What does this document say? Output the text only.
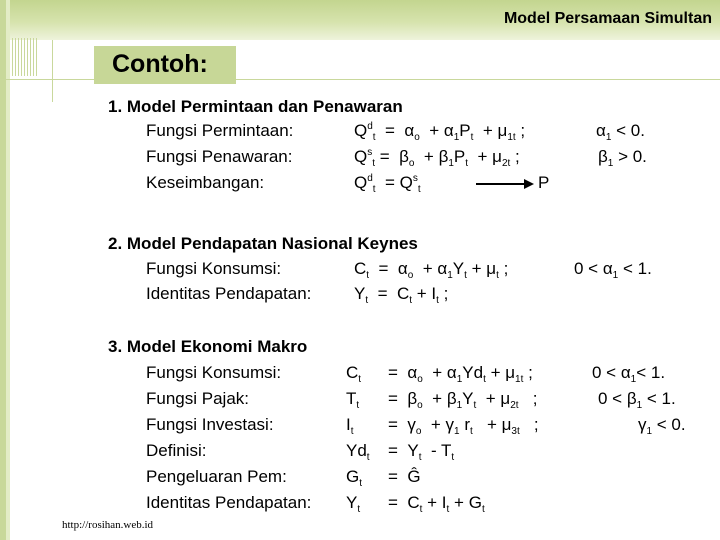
Model Persamaan Simultan
Contoh:
1. Model Permintaan dan Penawaran
Fungsi Permintaan:
Fungsi Penawaran:
Keseimbangan:
$Q^d_t = \alpha_o + \alpha_1P_t + \mu_{1t}$ ;
$Q^s_t = \beta_o + \beta_1P_t + \mu_{2t}$ ;
$Q^d_t = Q^s_t$	P
$\alpha_1 < 0$.
$\beta_1 > 0$.
2. Model Pendapatan Nasional Keynes
Fungsi Konsumsi:
Identitas Pendapatan:
$C_t = \alpha_o + \alpha_1Y_t + \mu_t$ ;
$Y_t = C_t + I_t$ ;
$0 < \alpha_1 < 1$.
3. Model Ekonomi Makro
Fungsi Konsumsi:
Fungsi Pajak:
Fungsi Investasi:
Definisi:
Pengeluaran Pem:
Identitas Pendapatan:
$C_t$
$T_t$
$I_t$
$Yd_t$
$G_t$
$Y_t$
=  $\alpha_o + \alpha_1Yd_t + \mu_{1t}$ ;
=  $\beta_o + \beta_1Y_t + \mu_{2t}$   ;
=  $\gamma_o + \gamma_1$ $r_t + \mu_{3t}$   ;
=  $Y_t - T_t$
=  Ĝ
=  $C_t + I_t + G_t$
$0 < \alpha_1< 1$.
$0 < \beta_1 < 1$.
$\gamma_1 < 0$.
http://rosihan.web.id
